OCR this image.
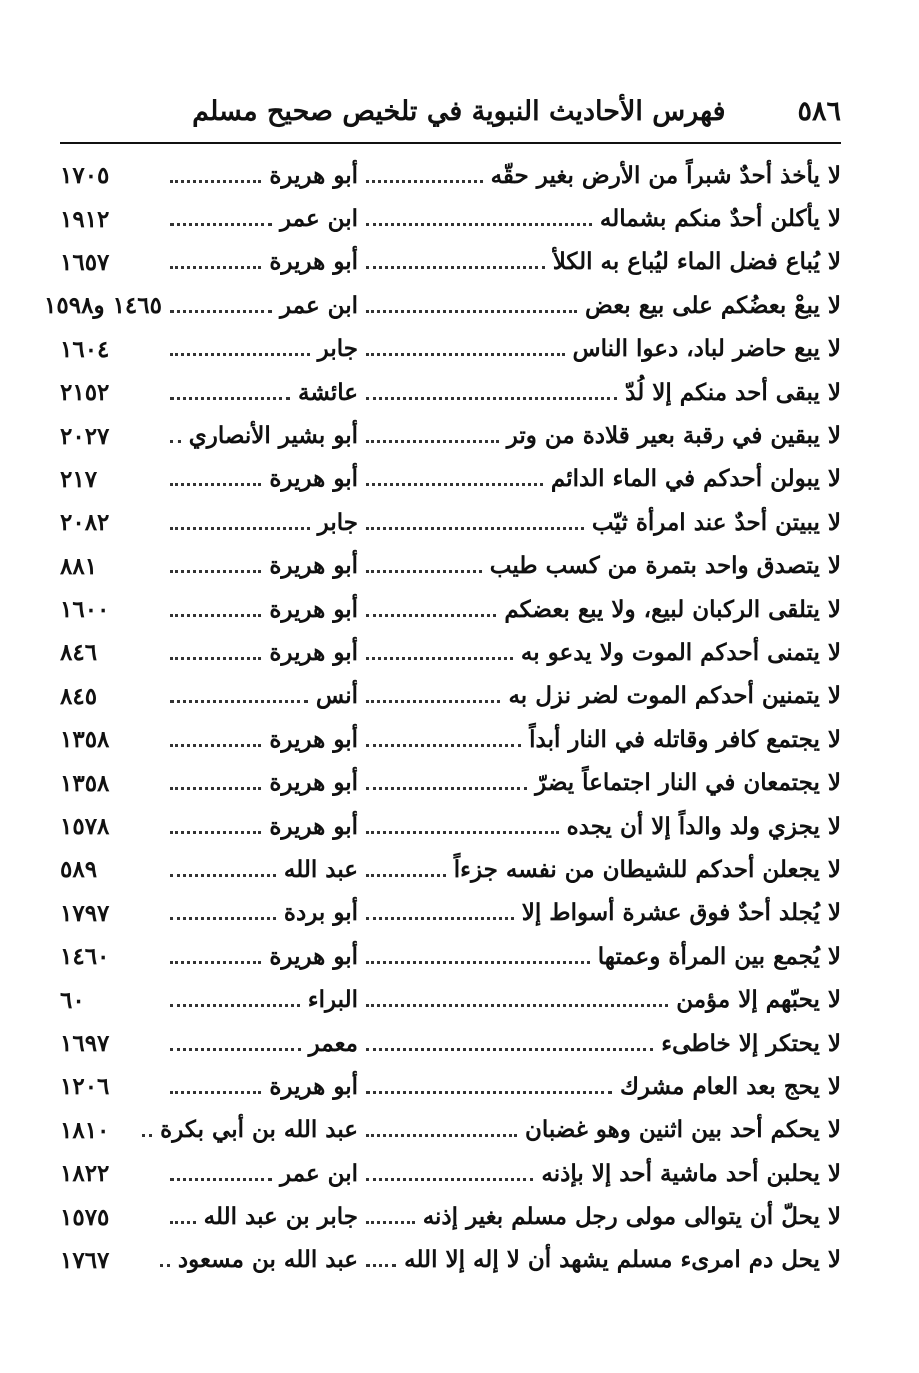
٥٨٦
فهرس الأحاديث النبوية في تلخيص صحيح مسلم
لا يأخذ أحدٌ شبراً من الأرض بغير حقّه
أبو هريرة
١٧٠٥
لا يأكلن أحدٌ منكم بشماله
ابن عمر
١٩١٢
لا يُباع فضل الماء ليُباع به الكلأ
أبو هريرة
١٦٥٧
لا يبعْ بعضُكم على بيع بعض
ابن عمر
١٤٦٥ و١٥٩٨
لا يبع حاضر لباد، دعوا الناس
جابر
١٦٠٤
لا يبقى أحد منكم إلا لُدّ
عائشة
٢١٥٢
لا يبقين في رقبة بعير قلادة من وتر
أبو بشير الأنصاري
٢٠٢٧
لا يبولن أحدكم في الماء الدائم
أبو هريرة
٢١٧
لا يبيتن أحدٌ عند امرأة ثيّب
جابر
٢٠٨٢
لا يتصدق واحد بتمرة من كسب طيب
أبو هريرة
٨٨١
لا يتلقى الركبان لبيع، ولا يبع بعضكم
أبو هريرة
١٦٠٠
لا يتمنى أحدكم الموت ولا يدعو به
أبو هريرة
٨٤٦
لا يتمنين أحدكم الموت لضر نزل به
أنس
٨٤٥
لا يجتمع كافر وقاتله في النار أبداً
أبو هريرة
١٣٥٨
لا يجتمعان في النار اجتماعاً يضرّ
أبو هريرة
١٣٥٨
لا يجزي ولد والداً إلا أن يجده
أبو هريرة
١٥٧٨
لا يجعلن أحدكم للشيطان من نفسه جزءاً
عبد الله
٥٨٩
لا يُجلد أحدٌ فوق عشرة أسواط إلا
أبو بردة
١٧٩٧
لا يُجمع بين المرأة وعمتها
أبو هريرة
١٤٦٠
لا يحبّهم إلا مؤمن
البراء
٦٠
لا يحتكر إلا خاطىء
معمر
١٦٩٧
لا يحج بعد العام مشرك
أبو هريرة
١٢٠٦
لا يحكم أحد بين اثنين وهو غضبان
عبد الله بن أبي بكرة
١٨١٠
لا يحلبن أحد ماشية أحد إلا بإذنه
ابن عمر
١٨٢٢
لا يحلّ أن يتوالى مولى رجل مسلم بغير إذنه
جابر بن عبد الله
١٥٧٥
لا يحل دم امرىء مسلم يشهد أن لا إله إلا الله
عبد الله بن مسعود
١٧٦٧
